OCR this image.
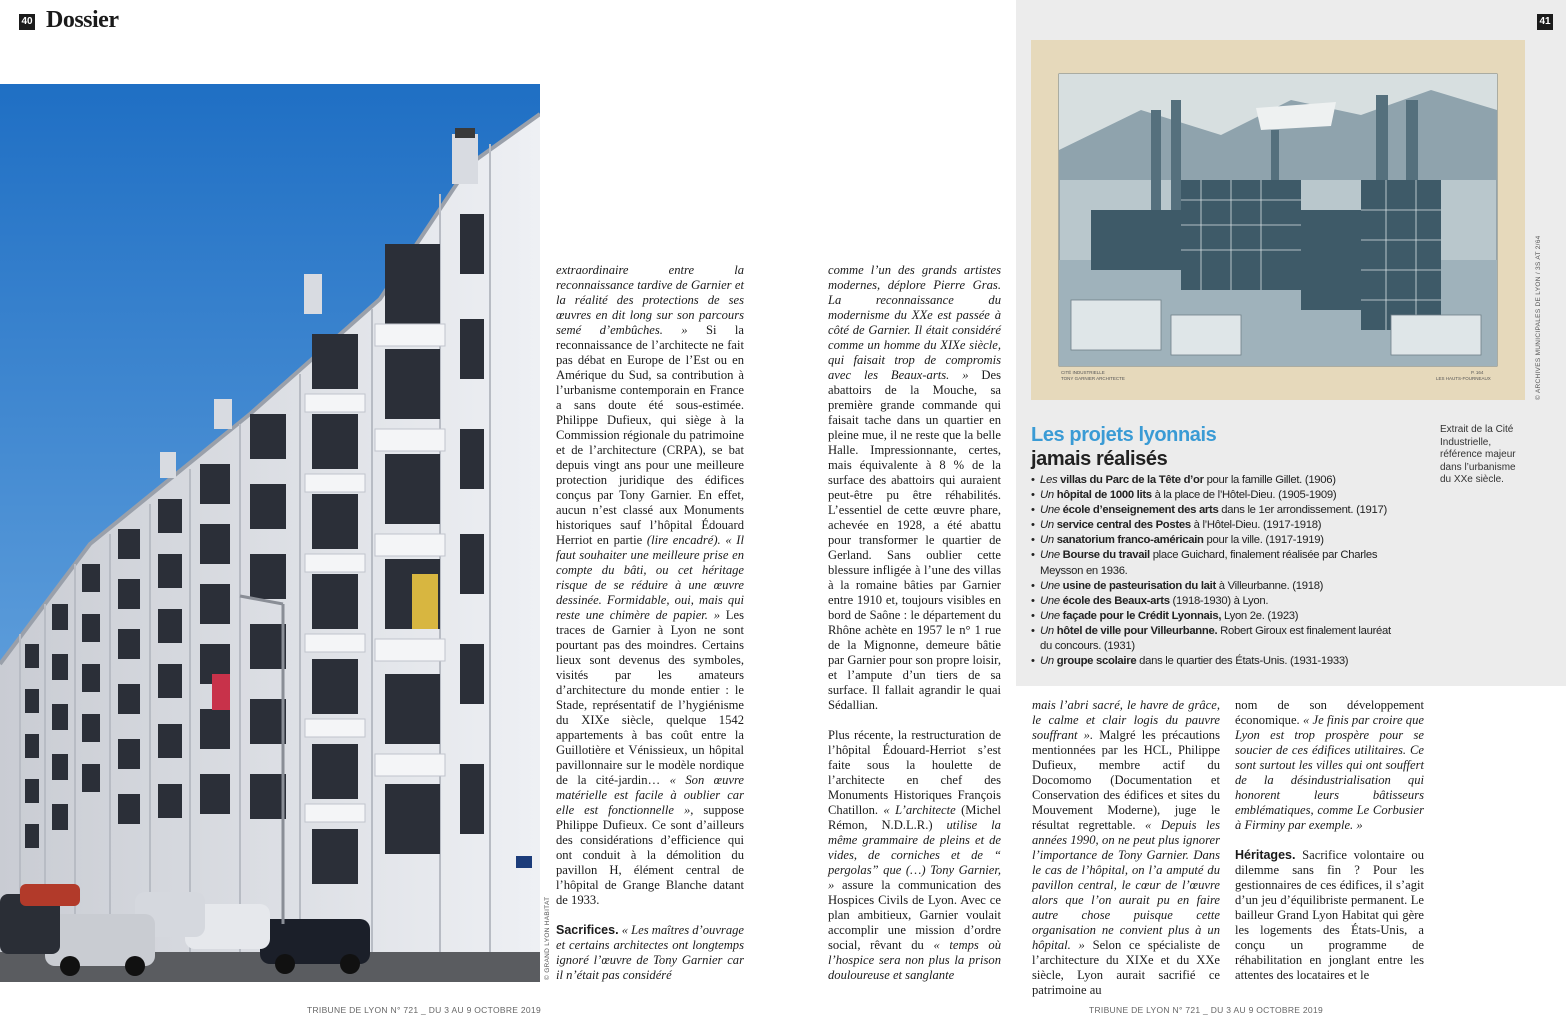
40 Dossier	41
© GRAND LYON HABITAT

extraordinaire entre la reconnaissance tardive de Garnier et la réalité des protections de ses œuvres en dit long sur son parcours semé d’embûches. » Si la reconnaissance de l’architecte ne fait pas débat en Europe de l’Est ou en Amérique du Sud, sa contribution à l’urbanisme contemporain en France a sans doute été sous-estimée. Philippe Dufieux, qui siège à la Commission régionale du patrimoine et de l’architecture (CRPA), se bat depuis vingt ans pour une meilleure protection juridique des édifices conçus par Tony Garnier. En effet, aucun n’est classé aux Monuments historiques sauf l’hôpital Édouard Herriot en partie (lire encadré). « Il faut souhaiter une meilleure prise en compte du bâti, ou cet héritage risque de se réduire à une œuvre dessinée. Formidable, oui, mais qui reste une chimère de papier. » Les traces de Garnier à Lyon ne sont pourtant pas des moindres. Certains lieux sont devenus des symboles, visités par les amateurs d’architecture du monde entier : le Stade, représentatif de l’hygiénisme du XIXe siècle, quelque 1542 appartements à bas coût entre la Guillotière et Vénissieux, un hôpital pavillonnaire sur le modèle nordique de la cité-jardin… « Son œuvre matérielle est facile à oublier car elle est fonctionnelle », suppose Philippe Dufieux. Ce sont d’ailleurs des considérations d’efficience qui ont conduit à la démolition du pavillon H, élément central de l’hôpital de Grange Blanche datant de 1933.

Sacrifices. « Les maîtres d’ouvrage et certains architectes ont longtemps ignoré l’œuvre de Tony Garnier car il n’était pas considéré

comme l’un des grands artistes modernes, déplore Pierre Gras. La reconnaissance du modernisme du XXe est passée à côté de Garnier. Il était considéré comme un homme du XIXe siècle, qui faisait trop de compromis avec les Beaux-arts. » Des abattoirs de la Mouche, sa première grande commande qui faisait tache dans un quartier en pleine mue, il ne reste que la belle Halle. Impressionnante, certes, mais équivalente à 8 % de la surface des abattoirs qui auraient peut-être pu être réhabilités. L’essentiel de cette œuvre phare, achevée en 1928, a été abattu pour transformer le quartier de Gerland. Sans oublier cette blessure infligée à l’une des villas à la romaine bâties par Garnier entre 1910 et, toujours visibles en bord de Saône : le département du Rhône achète en 1957 le n° 1 rue de la Mignonne, demeure bâtie par Garnier pour son propre loisir, et l’ampute d’un tiers de sa surface. Il fallait agrandir le quai Sédallian.

Plus récente, la restructuration de l’hôpital Édouard-Herriot s’est faite sous la houlette de l’architecte en chef des Monuments Historiques François Chatillon. « L’architecte (Michel Rémon, N.D.L.R.) utilise la même grammaire de pleins et de vides, de corniches et de “ pergolas” que (…) Tony Garnier, » assure la communication des Hospices Civils de Lyon. Avec ce plan ambitieux, Garnier voulait accomplir une mission d’ordre social, rêvant du « temps où l’hospice sera non plus la prison douloureuse et sanglante

CITÉ INDUSTRIELLE
TONY GARNIER ARCHITECTE
P. 164
LES HAUTS-FOURNEAUX	© ARCHIVES MUNICIPALES DE LYON / 3S AT 2/64
Extrait de la Cité Industrielle, référence majeur dans l’urbanisme du XXe siècle.
Les projets lyonnais
jamais réalisés
• Les villas du Parc de la Tête d’or pour la famille Gillet. (1906)
• Un hôpital de 1000 lits à la place de l’Hôtel-Dieu. (1905-1909)
• Une école d’enseignement des arts dans le 1er arrondissement. (1917)
• Un service central des Postes à l’Hôtel-Dieu. (1917-1918)
• Un sanatorium franco-américain pour la ville. (1917-1919)
• Une Bourse du travail place Guichard, finalement réalisée par Charles Meysson en 1936.
• Une usine de pasteurisation du lait à Villeurbanne. (1918)
• Une école des Beaux-arts (1918-1930) à Lyon.
• Une façade pour le Crédit Lyonnais, Lyon 2e. (1923)
• Un hôtel de ville pour Villeurbanne. Robert Giroux est finalement lauréat du concours. (1931)
• Un groupe scolaire dans le quartier des États-Unis. (1931-1933)

mais l’abri sacré, le havre de grâce, le calme et clair logis du pauvre souffrant ». Malgré les précautions mentionnées par les HCL, Philippe Dufieux, membre actif du Docomomo (Documentation et Conservation des édifices et sites du Mouvement Moderne), juge le résultat regrettable. « Depuis les années 1990, on ne peut plus ignorer l’importance de Tony Garnier. Dans le cas de l’hôpital, on l’a amputé du pavillon central, le cœur de l’œuvre alors que l’on aurait pu en faire autre chose puisque cette organisation ne convient plus à un hôpital. » Selon ce spécialiste de l’architecture du XIXe et du XXe siècle, Lyon aurait sacrifié ce patrimoine au

nom de son développement économique. « Je finis par croire que Lyon est trop prospère pour se soucier de ces édifices utilitaires. Ce sont surtout les villes qui ont souffert de la désindustrialisation qui honorent leurs bâtisseurs emblématiques, comme Le Corbusier à Firminy par exemple. »

Héritages. Sacrifice volontaire ou dilemme sans fin ? Pour les gestionnaires de ces édifices, il s’agit d’un jeu d’équilibriste permanent. Le bailleur Grand Lyon Habitat qui gère les logements des États-Unis, a conçu un programme de réhabilitation en jonglant entre les attentes des locataires et le

TRIBUNE DE LYON N° 721 _ DU 3 AU 9 OCTOBRE 2019	TRIBUNE DE LYON N° 721 _ DU 3 AU 9 OCTOBRE 2019
